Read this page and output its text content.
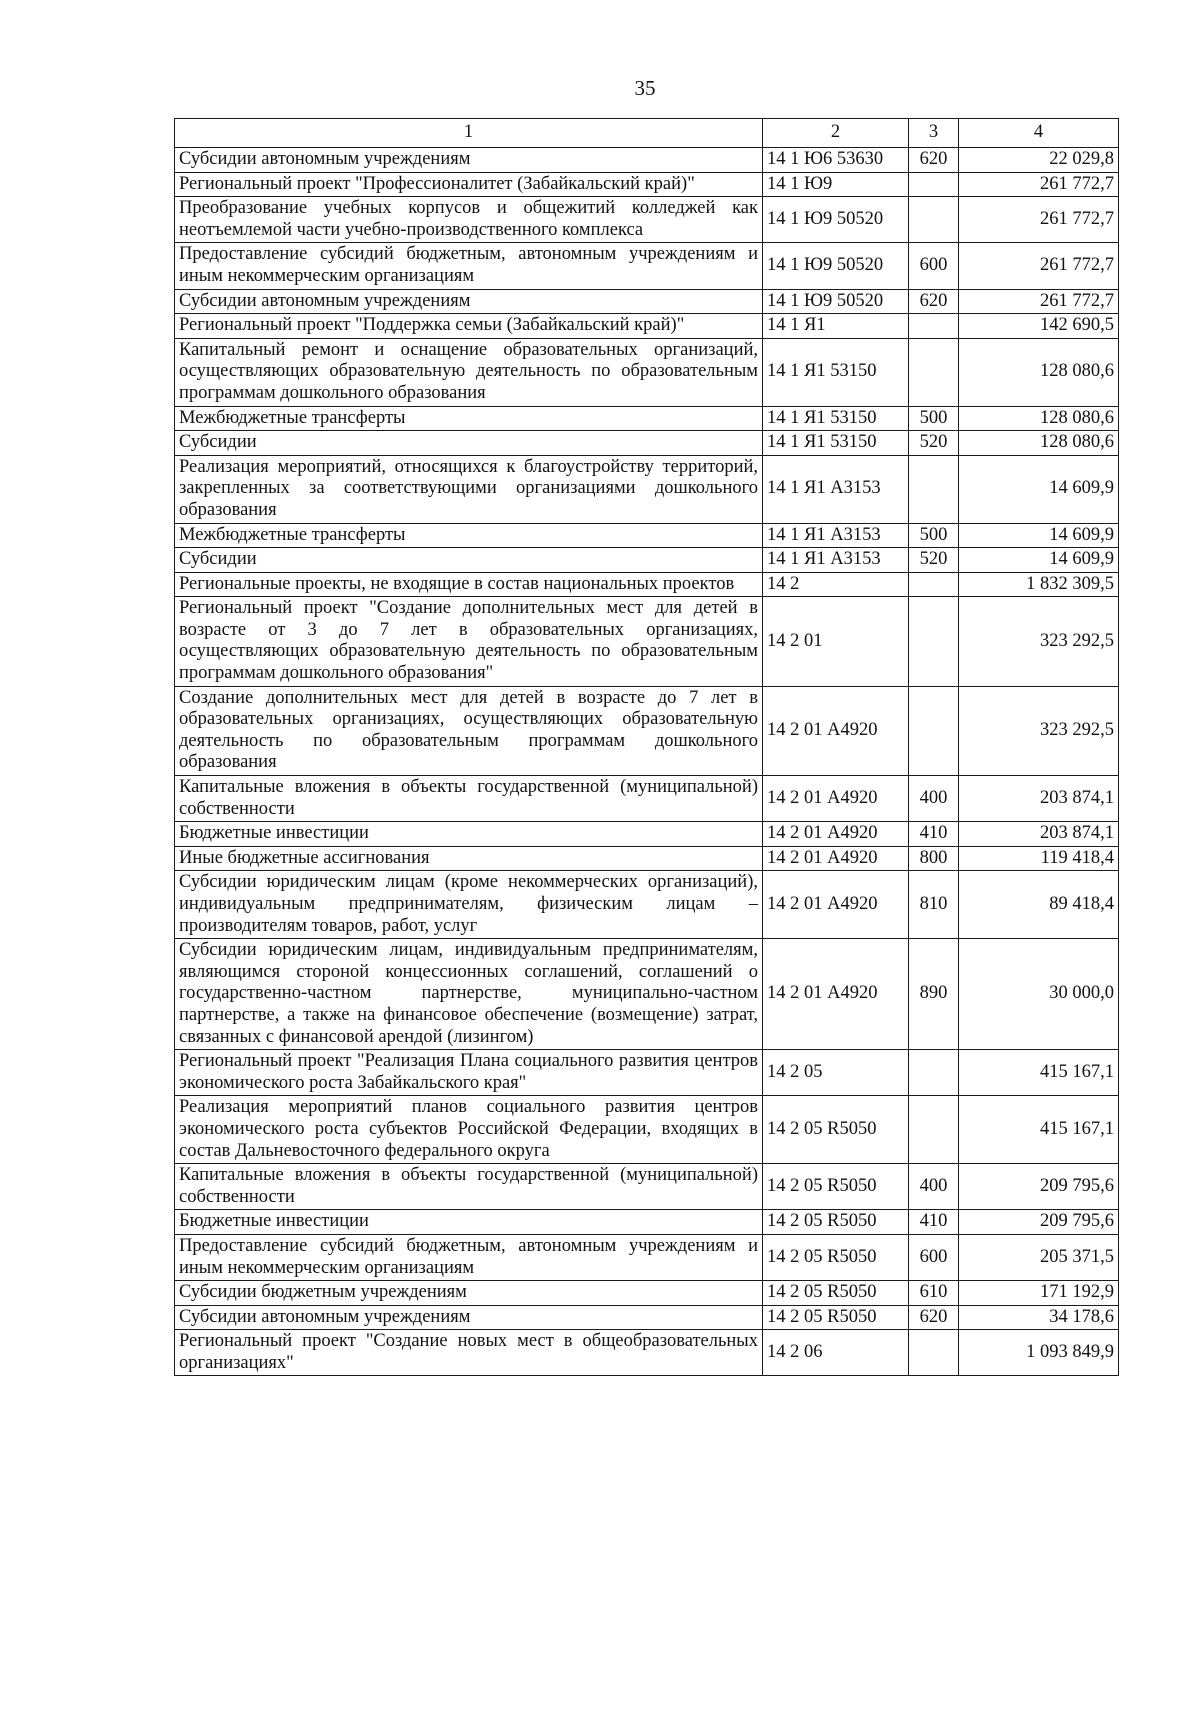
35
1	2	3	4
Субсидии автономным учреждениям	14 1 Ю6 53630	620	22 029,8
Региональный проект "Профессионалитет (Забайкальский край)"	14 1 Ю9		261 772,7
Преобразование учебных корпусов и общежитий колледжей как неотъемлемой части учебно-производственного комплекса	14 1 Ю9 50520		261 772,7
Предоставление субсидий бюджетным, автономным учреждениям и иным некоммерческим организациям	14 1 Ю9 50520	600	261 772,7
Субсидии автономным учреждениям	14 1 Ю9 50520	620	261 772,7
Региональный проект "Поддержка семьи (Забайкальский край)"	14 1 Я1		142 690,5
Капитальный ремонт и оснащение образовательных организаций, осуществляющих образовательную деятельность по образовательным программам дошкольного образования	14 1 Я1 53150		128 080,6
Межбюджетные трансферты	14 1 Я1 53150	500	128 080,6
Субсидии	14 1 Я1 53150	520	128 080,6
Реализация мероприятий, относящихся к благоустройству территорий, закрепленных за соответствующими организациями дошкольного образования	14 1 Я1 А3153		14 609,9
Межбюджетные трансферты	14 1 Я1 А3153	500	14 609,9
Субсидии	14 1 Я1 А3153	520	14 609,9
Региональные проекты, не входящие в состав национальных проектов	14 2		1 832 309,5
Региональный проект "Создание дополнительных мест для детей в возрасте от 3 до 7 лет в образовательных организациях, осуществляющих образовательную деятельность по образовательным программам дошкольного образования"	14 2 01		323 292,5
Создание дополнительных мест для детей в возрасте до 7 лет в образовательных организациях, осуществляющих образовательную деятельность по образовательным программам дошкольного образования	14 2 01 А4920		323 292,5
Капитальные вложения в объекты государственной (муниципальной) собственности	14 2 01 А4920	400	203 874,1
Бюджетные инвестиции	14 2 01 А4920	410	203 874,1
Иные бюджетные ассигнования	14 2 01 А4920	800	119 418,4
Субсидии юридическим лицам (кроме некоммерческих организаций), индивидуальным предпринимателям, физическим лицам – производителям товаров, работ, услуг	14 2 01 А4920	810	89 418,4
Субсидии юридическим лицам, индивидуальным предпринимателям, являющимся стороной концессионных соглашений, соглашений о государственно-частном партнерстве, муниципально-частном партнерстве, а также на финансовое обеспечение (возмещение) затрат, связанных с финансовой арендой (лизингом)	14 2 01 А4920	890	30 000,0
Региональный проект "Реализация Плана социального развития центров экономического роста Забайкальского края"	14 2 05		415 167,1
Реализация мероприятий планов социального развития центров экономического роста субъектов Российской Федерации, входящих в состав Дальневосточного федерального округа	14 2 05 R5050		415 167,1
Капитальные вложения в объекты государственной (муниципальной) собственности	14 2 05 R5050	400	209 795,6
Бюджетные инвестиции	14 2 05 R5050	410	209 795,6
Предоставление субсидий бюджетным, автономным учреждениям и иным некоммерческим организациям	14 2 05 R5050	600	205 371,5
Субсидии бюджетным учреждениям	14 2 05 R5050	610	171 192,9
Субсидии автономным учреждениям	14 2 05 R5050	620	34 178,6
Региональный проект "Создание новых мест в общеобразовательных организациях"	14 2 06		1 093 849,9
